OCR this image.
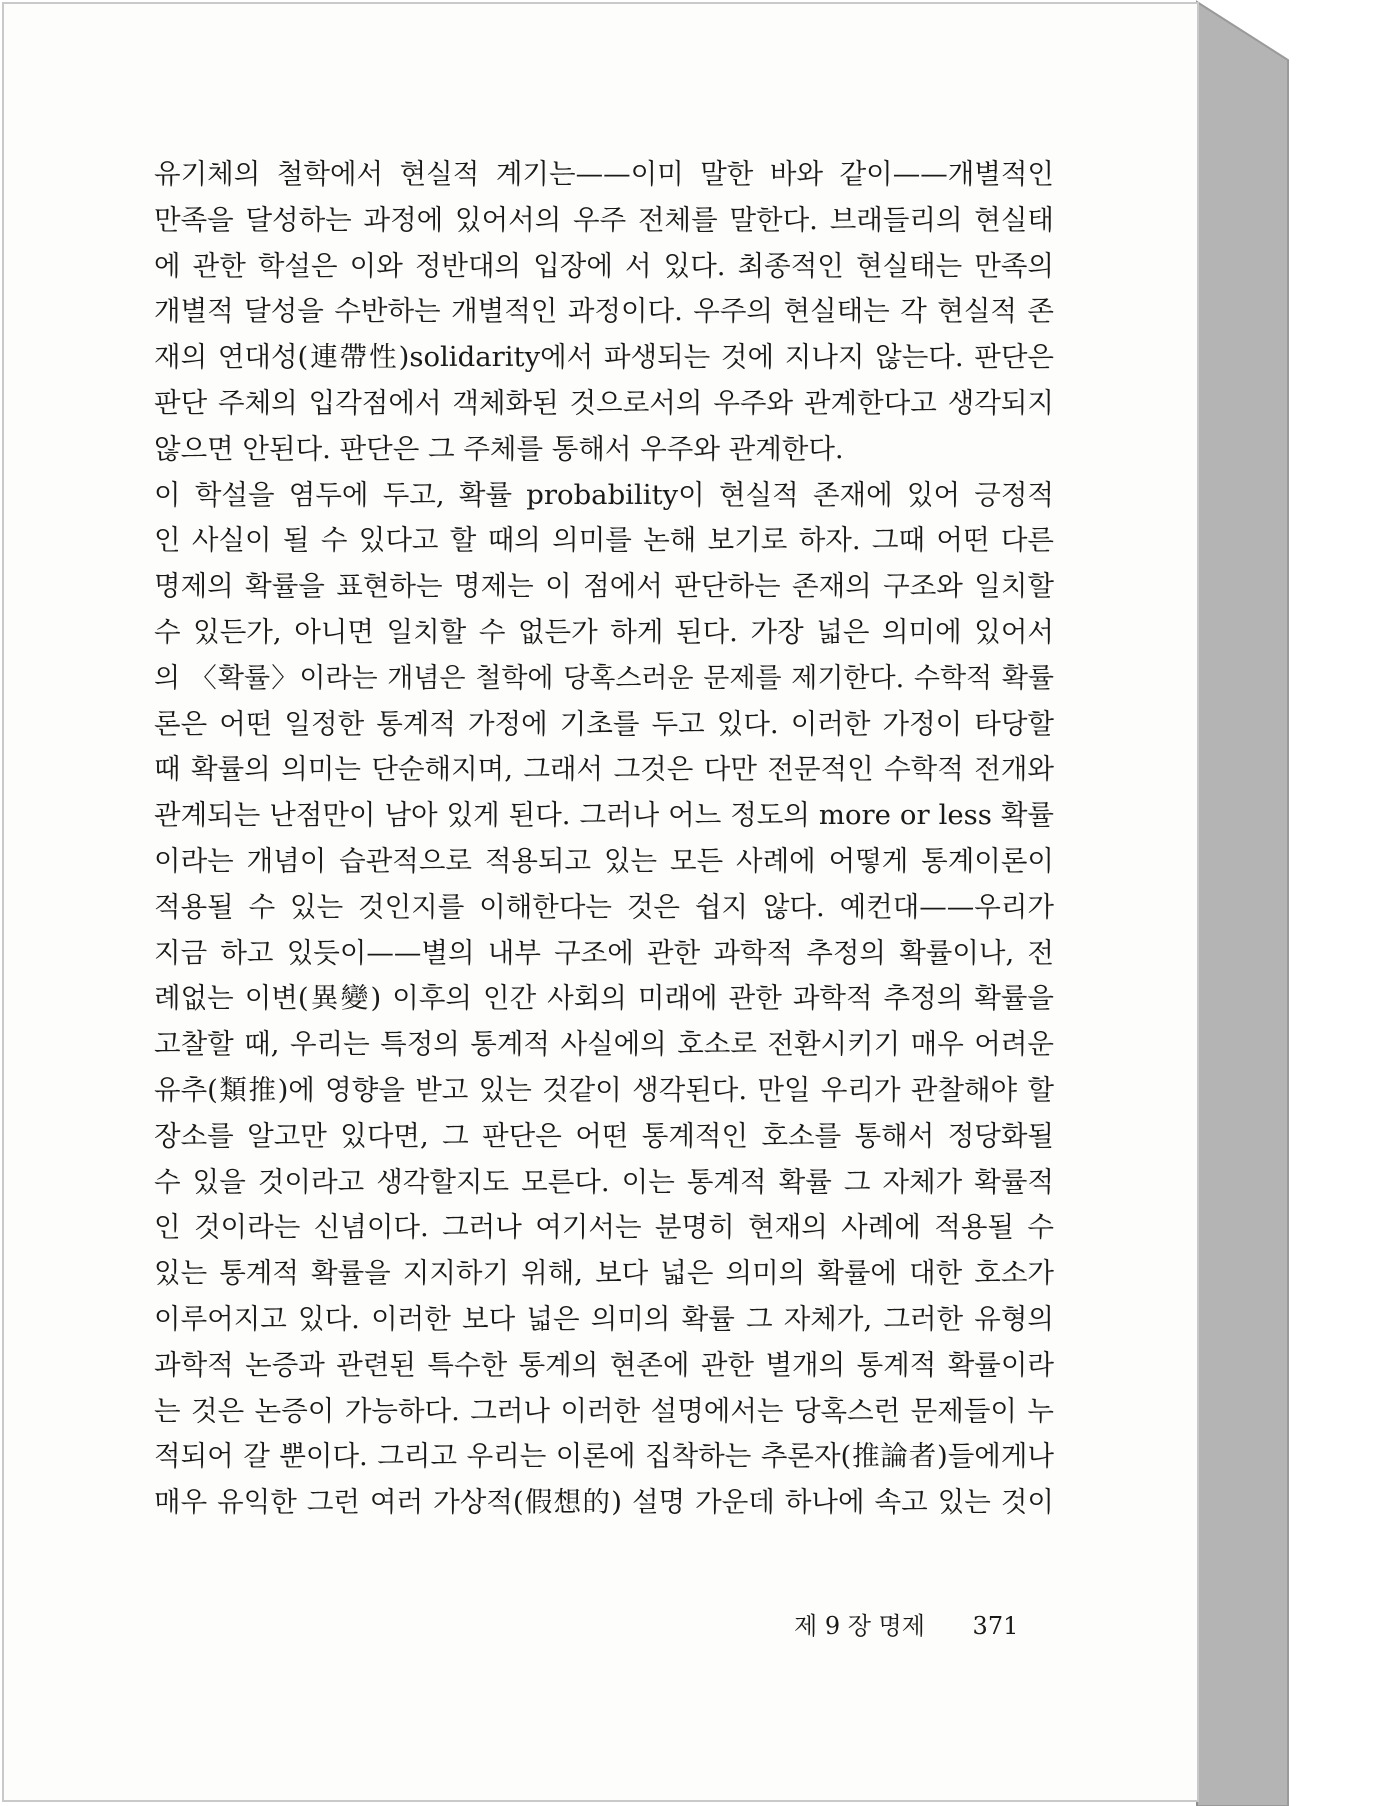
유기체의 철학에서 현실적 계기는——이미 말한 바와 같이——개별적인
만족을 달성하는 과정에 있어서의 우주 전체를 말한다. 브래들리의 현실태
에 관한 학설은 이와 정반대의 입장에 서 있다. 최종적인 현실태는 만족의
개별적 달성을 수반하는 개별적인 과정이다. 우주의 현실태는 각 현실적 존
재의 연대성(連帶性)solidarity에서 파생되는 것에 지나지 않는다. 판단은
판단 주체의 입각점에서 객체화된 것으로서의 우주와 관계한다고 생각되지
않으면 안된다. 판단은 그 주체를 통해서 우주와 관계한다.
이 학설을 염두에 두고, 확률 probability이 현실적 존재에 있어 긍정적
인 사실이 될 수 있다고 할 때의 의미를 논해 보기로 하자. 그때 어떤 다른
명제의 확률을 표현하는 명제는 이 점에서 판단하는 존재의 구조와 일치할
수 있든가, 아니면 일치할 수 없든가 하게 된다. 가장 넓은 의미에 있어서
의 〈확률〉이라는 개념은 철학에 당혹스러운 문제를 제기한다. 수학적 확률
론은 어떤 일정한 통계적 가정에 기초를 두고 있다. 이러한 가정이 타당할
때 확률의 의미는 단순해지며, 그래서 그것은 다만 전문적인 수학적 전개와
관계되는 난점만이 남아 있게 된다. 그러나 어느 정도의 more or less 확률
이라는 개념이 습관적으로 적용되고 있는 모든 사례에 어떻게 통계이론이
적용될 수 있는 것인지를 이해한다는 것은 쉽지 않다. 예컨대——우리가
지금 하고 있듯이——별의 내부 구조에 관한 과학적 추정의 확률이나, 전
례없는 이변(異變) 이후의 인간 사회의 미래에 관한 과학적 추정의 확률을
고찰할 때, 우리는 특정의 통계적 사실에의 호소로 전환시키기 매우 어려운
유추(類推)에 영향을 받고 있는 것같이 생각된다. 만일 우리가 관찰해야 할
장소를 알고만 있다면, 그 판단은 어떤 통계적인 호소를 통해서 정당화될
수 있을 것이라고 생각할지도 모른다. 이는 통계적 확률 그 자체가 확률적
인 것이라는 신념이다. 그러나 여기서는 분명히 현재의 사례에 적용될 수
있는 통계적 확률을 지지하기 위해, 보다 넓은 의미의 확률에 대한 호소가
이루어지고 있다. 이러한 보다 넓은 의미의 확률 그 자체가, 그러한 유형의
과학적 논증과 관련된 특수한 통계의 현존에 관한 별개의 통계적 확률이라
는 것은 논증이 가능하다. 그러나 이러한 설명에서는 당혹스런 문제들이 누
적되어 갈 뿐이다. 그리고 우리는 이론에 집착하는 추론자(推論者)들에게나
매우 유익한 그런 여러 가상적(假想的) 설명 가운데 하나에 속고 있는 것이
제 9 장 명제 371
